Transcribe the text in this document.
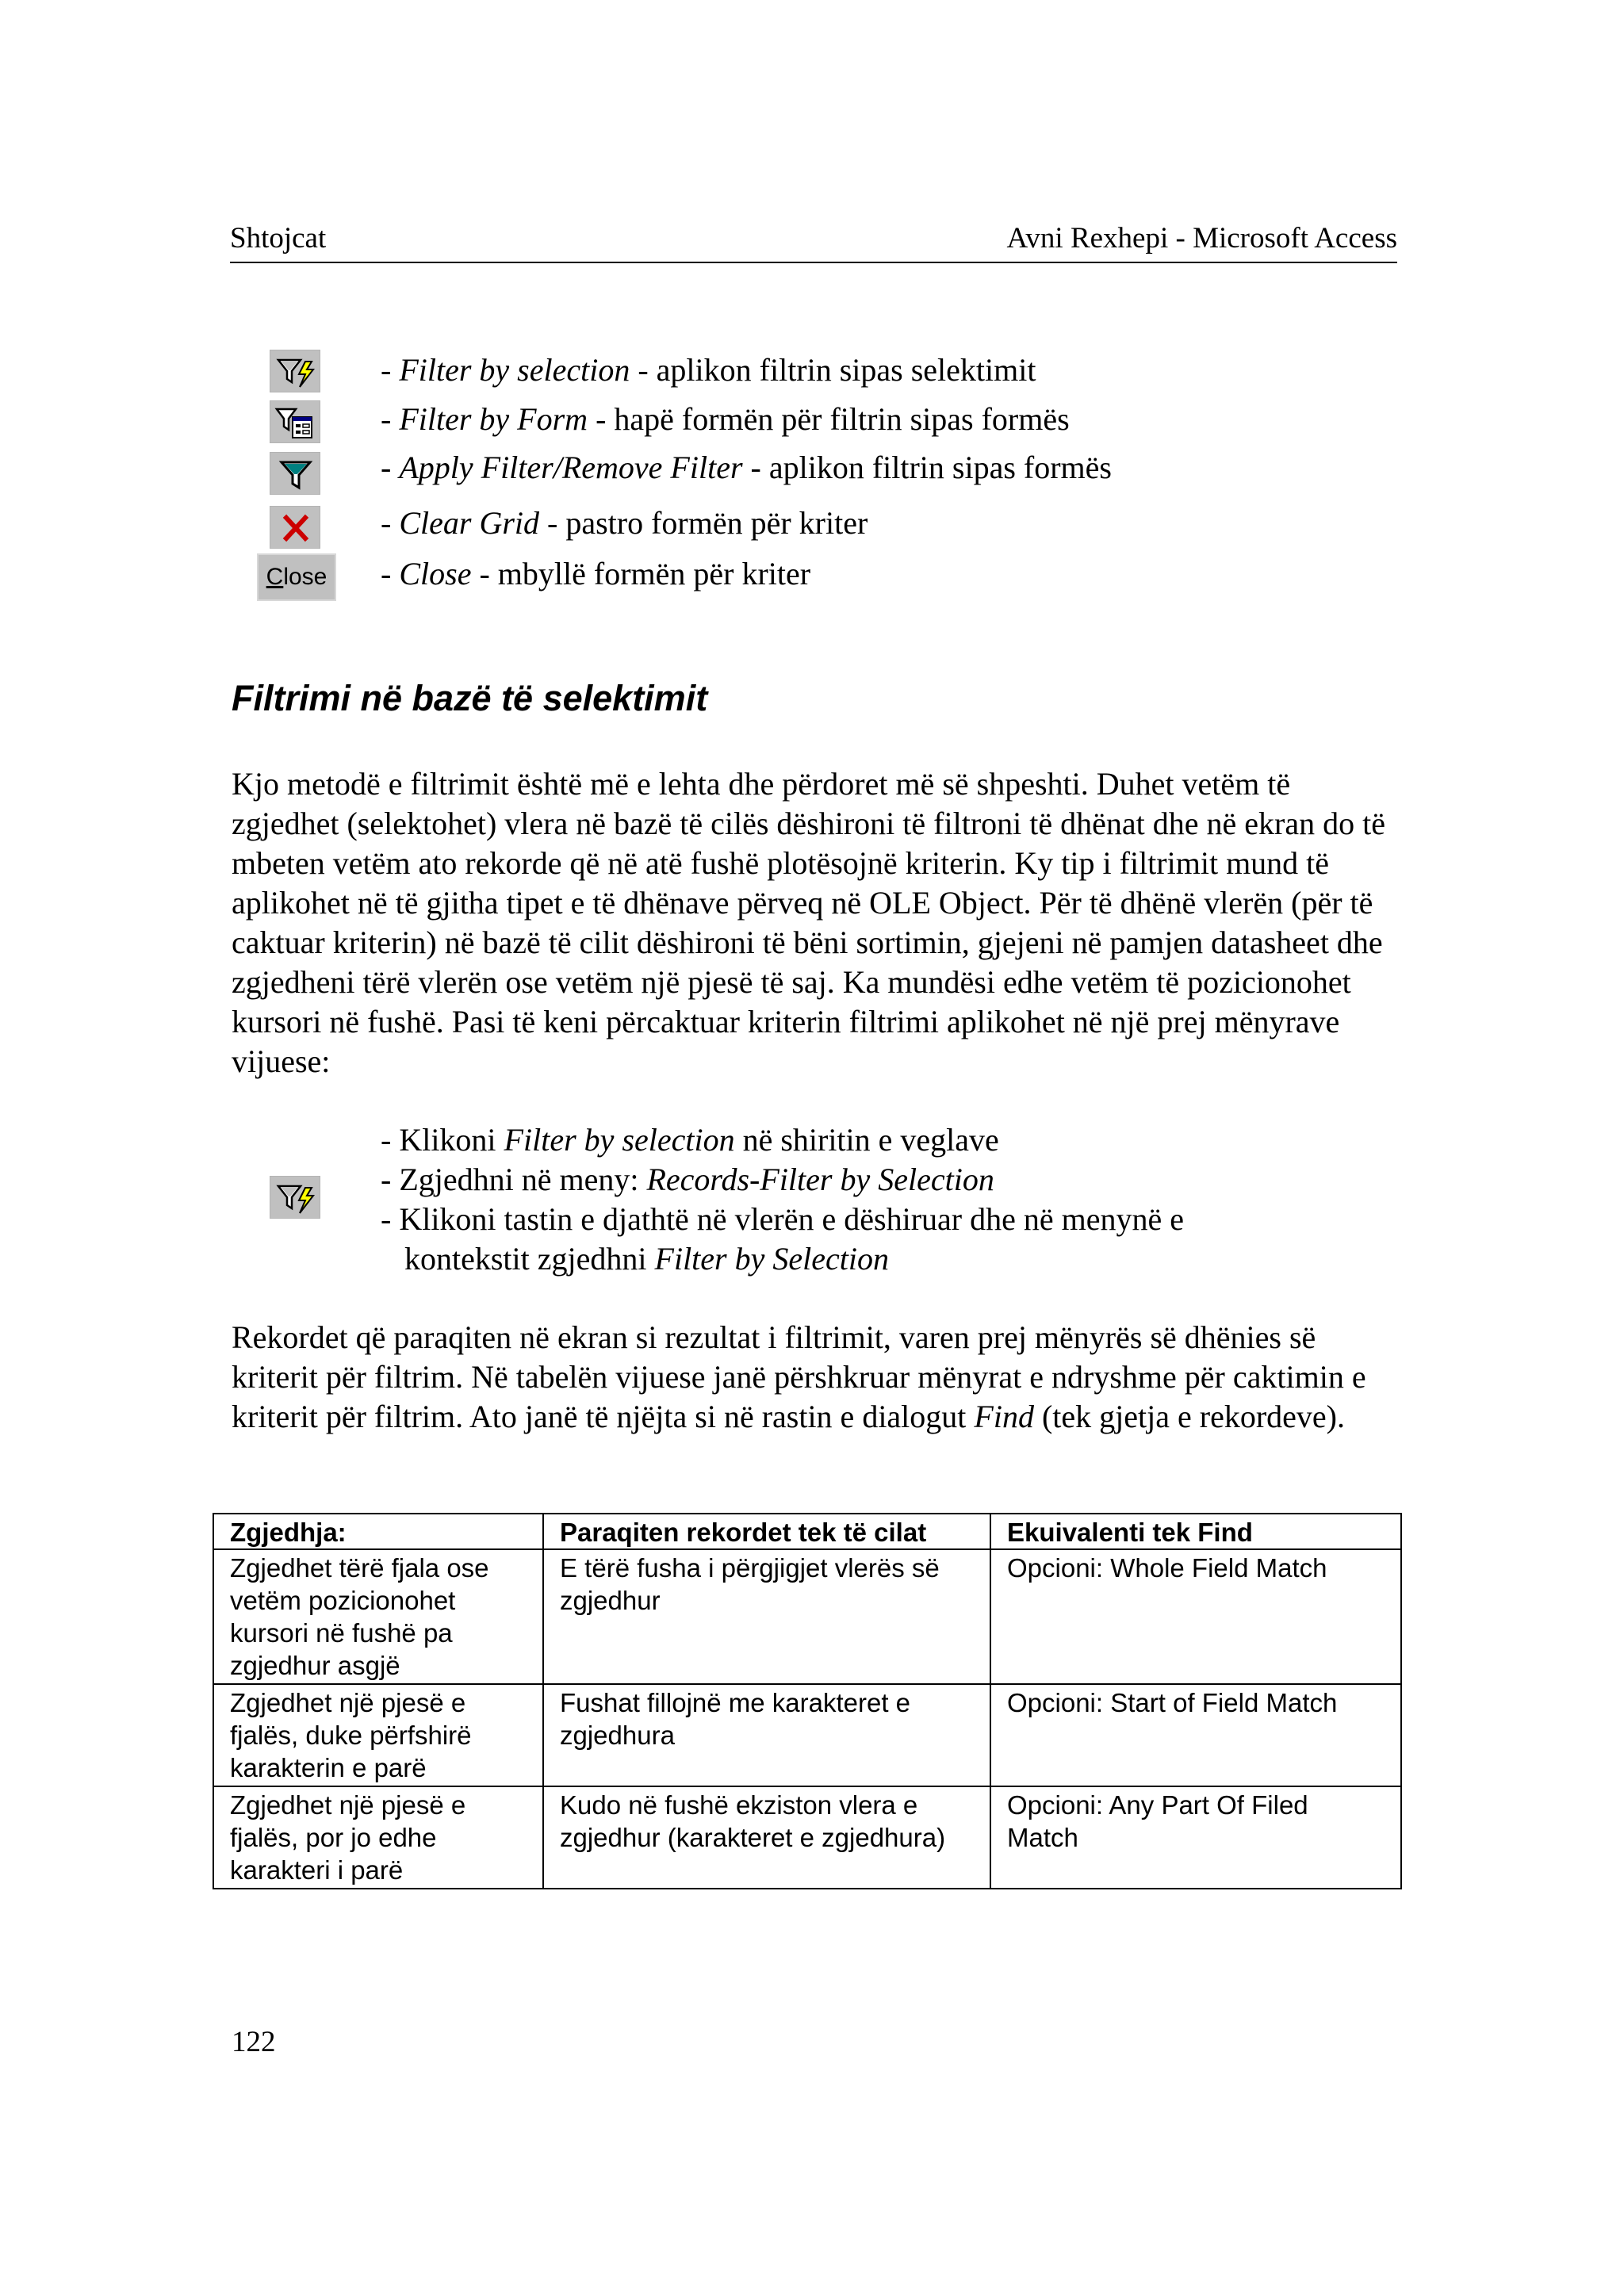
Shtojcat	Avni Rexhepi - Microsoft Access
Close
- Filter by selection - aplikon filtrin sipas selektimit
- Filter by Form - hapë formën për filtrin sipas formës
- Apply Filter/Remove Filter - aplikon filtrin sipas formës
- Clear Grid - pastro formën për kriter
- Close - mbyllë formën për kriter
Filtrimi në bazë të selektimit
Kjo metodë e filtrimit është më e lehta dhe përdoret më së shpeshti. Duhet vetëm të zgjedhet (selektohet) vlera në bazë të cilës dëshironi të filtroni të dhënat dhe në ekran do të mbeten vetëm ato rekorde që në atë fushë plotësojnë kriterin. Ky tip i filtrimit mund të aplikohet në të gjitha tipet e të dhënave përveq në OLE Object. Për të dhënë vlerën (për të caktuar kriterin) në bazë të cilit dëshironi të bëni sortimin, gjejeni në pamjen datasheet dhe zgjedheni tërë vlerën ose vetëm një pjesë të saj. Ka mundësi edhe vetëm të pozicionohet kursori në fushë. Pasi të keni përcaktuar kriterin filtrimi aplikohet në një prej mënyrave vijuese:
- Klikoni Filter by selection në shiritin e veglave
- Zgjedhni në meny: Records-Filter by Selection
- Klikoni tastin e djathtë në vlerën e dëshiruar dhe në menynë e
kontekstit zgjedhni Filter by Selection
Rekordet që paraqiten në ekran si rezultat i filtrimit, varen prej mënyrës së dhënies së kriterit për filtrim. Në tabelën vijuese janë përshkruar mënyrat e ndryshme për caktimin e kriterit për filtrim. Ato janë të njëjta si në rastin e dialogut Find (tek gjetja e rekordeve).
Zgjedhja:	Paraqiten rekordet tek të cilat	Ekuivalenti tek Find
Zgjedhet tërë fjala ose vetëm pozicionohet kursori në fushë pa zgjedhur asgjë	E tërë fusha i përgjigjet vlerës së zgjedhur	Opcioni: Whole Field Match
Zgjedhet një pjesë e fjalës, duke përfshirë karakterin e parë	Fushat fillojnë me karakteret e zgjedhura	Opcioni: Start of Field Match
Zgjedhet një pjesë e fjalës, por jo edhe karakteri i parë	Kudo në fushë ekziston vlera e zgjedhur (karakteret e zgjedhura)	Opcioni: Any Part Of Filed Match
122
